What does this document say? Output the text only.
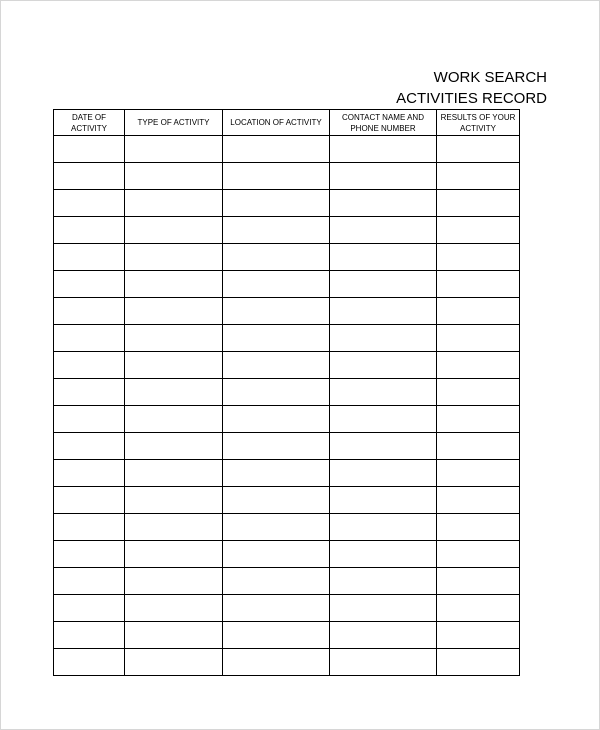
WORK SEARCH
ACTIVITIES RECORD
DATE OF ACTIVITY	TYPE OF ACTIVITY	LOCATION OF ACTIVITY	CONTACT NAME AND PHONE NUMBER	RESULTS OF YOUR ACTIVITY
